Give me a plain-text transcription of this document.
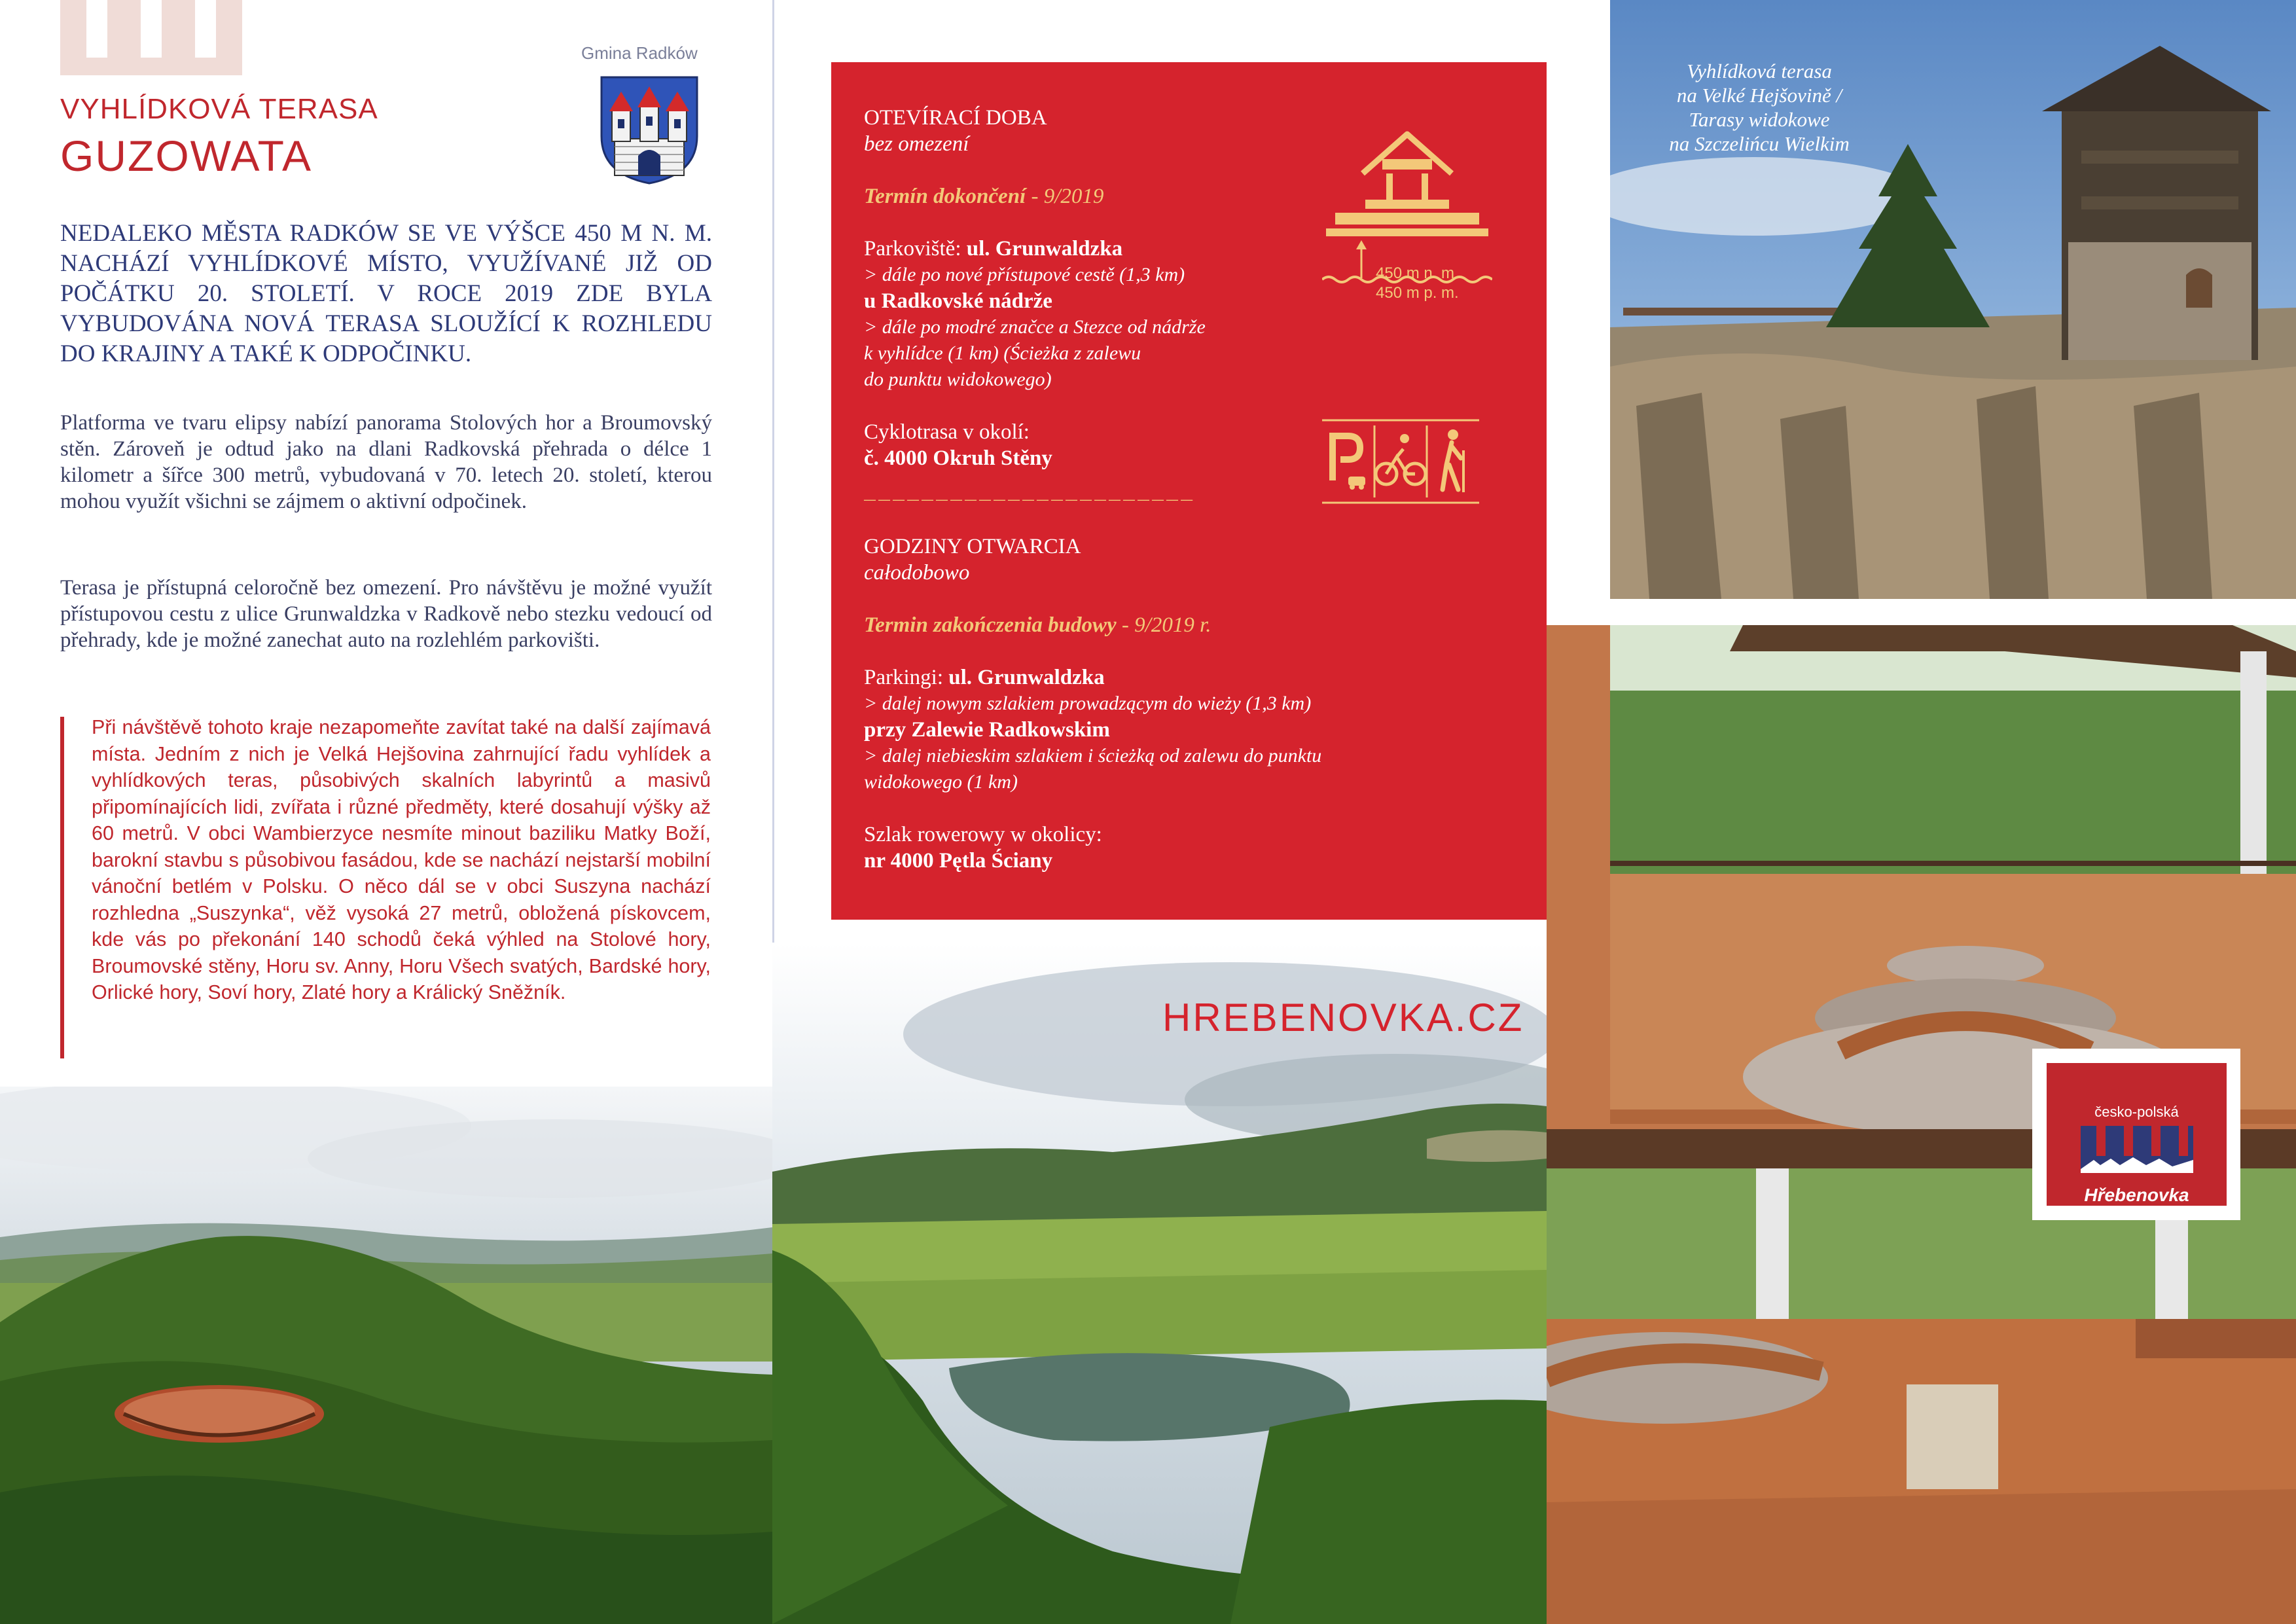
VYHLÍDKOVÁ TERASA
GUZOWATA
Gmina Radków
NEDALEKO MĚSTA RADKÓW SE VE VÝŠCE 450 M N. M. NACHÁZÍ VYHLÍDKOVÉ MÍSTO, VYUŽÍVANÉ JIŽ OD POČÁTKU 20. STOLETÍ. V ROCE 2019 ZDE BYLA VYBUDOVÁNA NOVÁ TERASA SLOUŽÍCÍ K ROZHLEDU DO KRAJINY A TAKÉ K ODPOČINKU.
Platforma ve tvaru elipsy nabízí panorama Stolových hor a Broumovský stěn. Zároveň je odtud jako na dlani Radkovská přehrada o délce 1 kilometr a šířce 300 metrů, vybudovaná v 70. letech 20. století, kterou mohou využít všichni se zájmem o aktivní odpočinek.
Terasa je přístupná celoročně bez omezení. Pro návštěvu je možné využít přístupovou cestu z ulice Grunwaldzka v Radkově nebo stezku vedoucí od přehrady, kde je možné zanechat auto na rozlehlém parkovišti.
Při návštěvě tohoto kraje nezapomeňte zavítat také na další zajímavá místa. Jedním z nich je Velká Hejšovina zahrnující řadu vyhlídek a vyhlídkových teras, působivých skalních labyrintů a masivů připomínajících lidi, zvířata i různé předměty, které dosahují výšky až 60 metrů. V obci Wambierzyce nesmíte minout baziliku Matky Boží, barokní stavbu s působivou fasádou, kde se nachází nejstarší mobilní vánoční betlém v Polsku. O něco dál se v obci Suszyna nachází rozhledna „Suszynka“, věž vysoká 27 metrů, obložená pískovcem, kde vás po překonání 140 schodů čeká výhled na Stolové hory, Broumovské stěny, Horu sv. Anny, Horu Všech svatých, Bardské hory, Orlické hory, Soví hory, Zlaté hory a Králický Sněžník.
OTEVÍRACÍ DOBA
bez omezení
Termín dokončení - 9/2019
Parkoviště: ul. Grunwaldzka
> dále po nové přístupové cestě (1,3 km)
u Radkovské nádrže
> dále po modré značce a Stezce od nádrže
k vyhlídce (1 km) (Ścieżka z zalewu
do punktu widokowego)
Cyklotrasa v okolí:
č. 4000 Okruh Stěny
_______________________
GODZINY OTWARCIA
całodobowo
Termin zakończenia budowy - 9/2019 r.
Parkingi: ul. Grunwaldzka
> dalej nowym szlakiem prowadzącym do wieży (1,3 km)
przy Zalewie Radkowskim
> dalej niebieskim szlakiem i ścieżką od zalewu do punktu
widokowego (1 km)
Szlak rowerowy w okolicy:
nr 4000 Pętla Ściany
450 m n. m.
450 m p. m.
HREBENOVKA.CZ
Vyhlídková terasa
na Velké Hejšovině /
Tarasy widokowe
na Szczelińcu Wielkim
česko-polská
Hřebenovka
